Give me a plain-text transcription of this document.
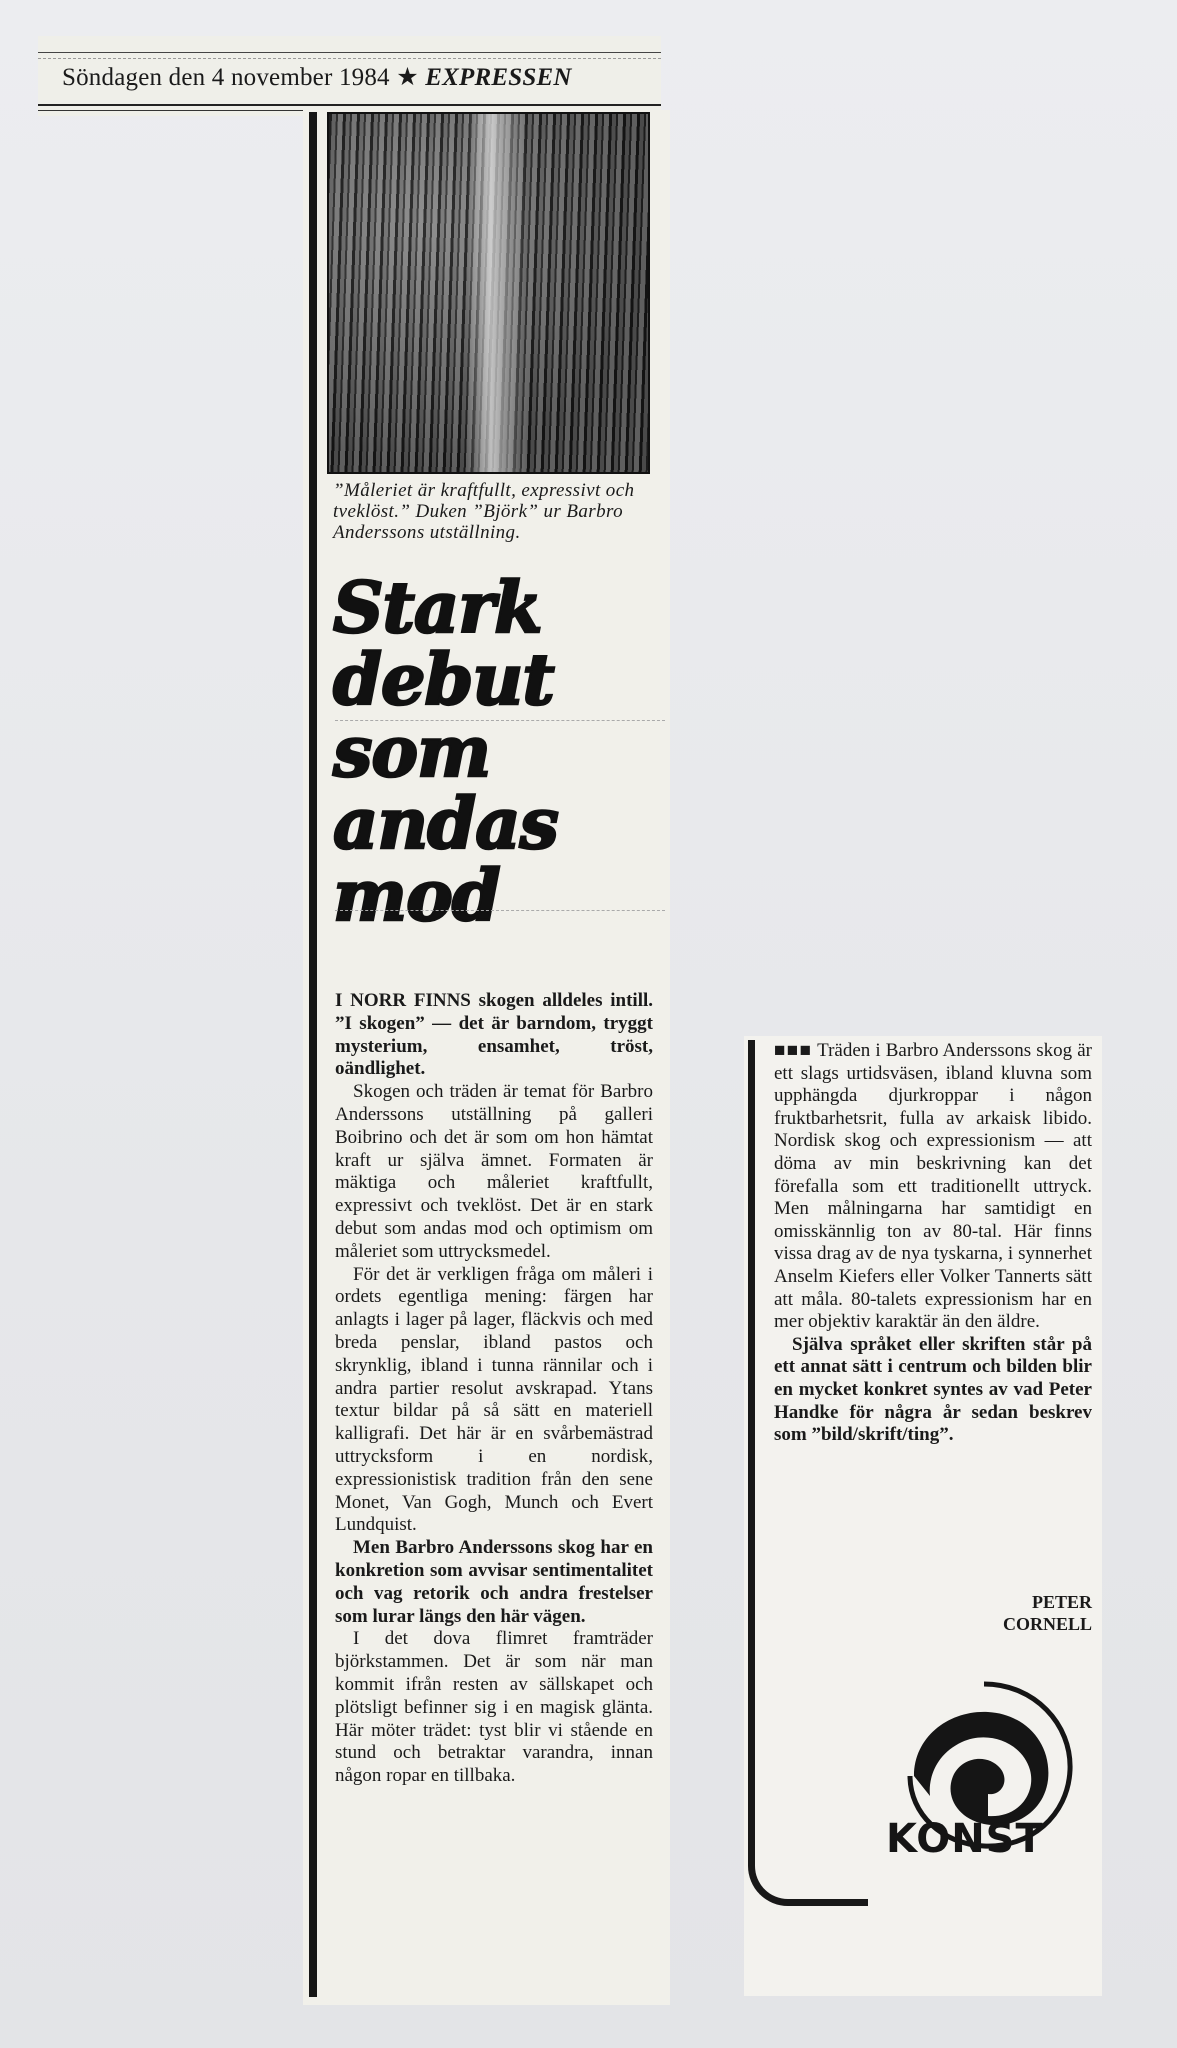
Söndagen den 4 november 1984 ★ EXPRESSEN
”Måleriet är kraftfullt, expressivt och tveklöst.” Duken ”Björk” ur Barbro Anderssons utställning.
Stark
debut
som
andas
mod

I NORR FINNS skogen alldeles intill. ”I skogen” — det är barndom, tryggt mysterium, ensamhet, tröst, oändlighet.

Skogen och träden är temat för Barbro Anderssons utställning på galleri Boibrino och det är som om hon hämtat kraft ur själva ämnet. Formaten är mäktiga och måleriet kraftfullt, expressivt och tveklöst. Det är en stark debut som andas mod och optimism om måleriet som uttrycksmedel.

För det är verkligen fråga om måleri i ordets egentliga mening: färgen har anlagts i lager på lager, fläckvis och med breda penslar, ibland pastos och skrynklig, ibland i tunna rännilar och i andra partier resolut avskrapad. Ytans textur bildar på så sätt en materiell kalligrafi. Det här är en svårbemästrad uttrycksform i en nordisk, expressionistisk tradition från den sene Monet, Van Gogh, Munch och Evert Lundquist.

Men Barbro Anderssons skog har en konkretion som avvisar sentimentalitet och vag retorik och andra frestelser som lurar längs den här vägen.

I det dova flimret framträder björkstammen. Det är som när man kommit ifrån resten av sällskapet och plötsligt befinner sig i en magisk glänta. Här möter trädet: tyst blir vi stående en stund och betraktar varandra, innan någon ropar en tillbaka.

■■■ Träden i Barbro Anderssons skog är ett slags urtidsväsen, ibland kluvna som upphängda djurkroppar i någon fruktbarhetsrit, fulla av arkaisk libido. Nordisk skog och expressionism — att döma av min beskrivning kan det förefalla som ett traditionellt uttryck. Men målningarna har samtidigt en omisskännlig ton av 80-tal. Här finns vissa drag av de nya tyskarna, i synnerhet Anselm Kiefers eller Volker Tannerts sätt att måla. 80-talets expressionism har en mer objektiv karaktär än den äldre.

Själva språket eller skriften står på ett annat sätt i centrum och bilden blir en mycket konkret syntes av vad Peter Handke för några år sedan beskrev som ”bild/skrift/ting”.

PETER
CORNELL
KONST
